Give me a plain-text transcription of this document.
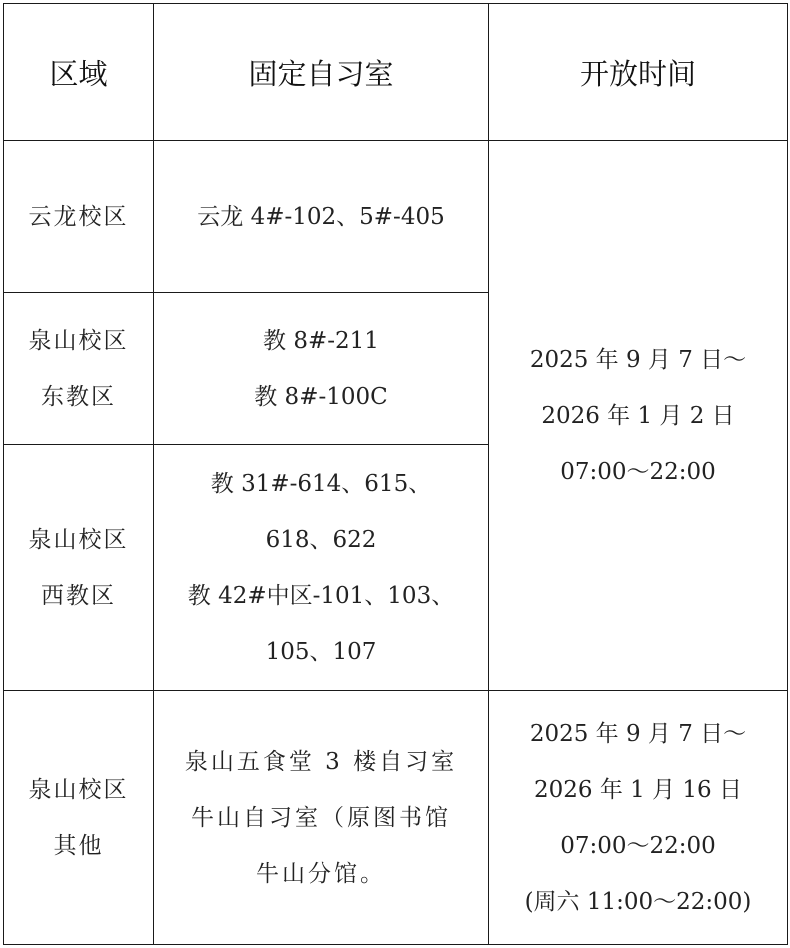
区域	固定自习室	开放时间

云龙校区	云龙 4#-102、5#-405	2025 年 9 月 7 日～
2026 年 1 月 2 日
07:00～22:00

泉山校区
东教区	教 8#-211
教 8#-100C	

泉山校区
西教区	教 31#-614、615、
618、622
教 42#中区-101、103、
105、107	

泉山校区
其他	泉山五食堂 3 楼自习室
牛山自习室（原图书馆
牛山分馆。	2025 年 9 月 7 日～
2026 年 1 月 16 日
07:00～22:00
(周六 11:00～22:00)
